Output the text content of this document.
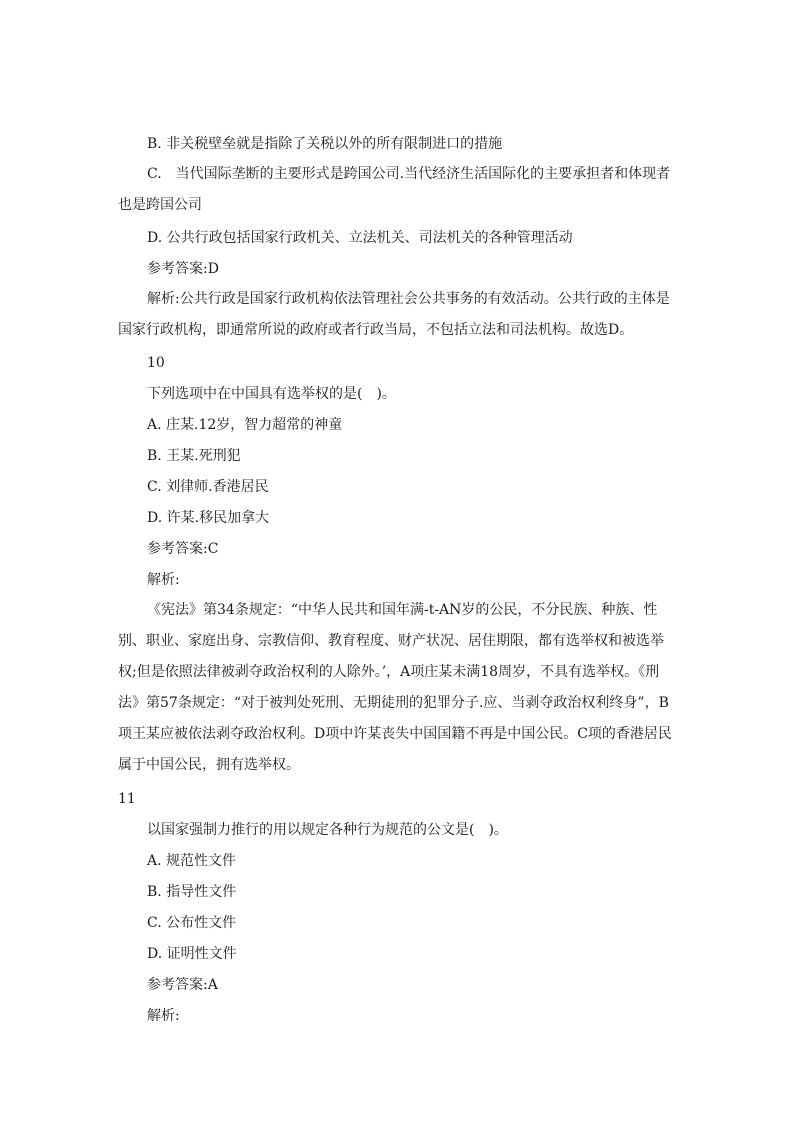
B. 非关税壁垒就是指除了关税以外的所有限制进口的措施
C.　当代国际垄断的主要形式是跨国公司.当代经济生活国际化的主要承担者和体现者也是跨国公司
D. 公共行政包括国家行政机关、立法机关、司法机关的各种管理活动
参考答案:D
解析:公共行政是国家行政机构依法管理社会公共事务的有效活动。公共行政的主体是国家行政机构，即通常所说的政府或者行政当局，不包括立法和司法机构。故选D。
10
下列选项中在中国具有选举权的是(　)。
A. 庄某.12岁，智力超常的神童
B. 王某.死刑犯
C. 刘律师.香港居民
D. 许某.移民加拿大
参考答案:C
解析:
《宪法》第34条规定：“中华人民共和国年满-t-AN岁的公民，不分民族、种族、性别、职业、家庭出身、宗教信仰、教育程度、财产状况、居住期限，都有选举权和被选举权;但是依照法律被剥夺政治权利的人除外。’，A项庄某未满18周岁，不具有选举权。《刑法》第57条规定：“对于被判处死刑、无期徒刑的犯罪分子.应、当剥夺政治权利终身”，B项王某应被依法剥夺政治权利。D项中许某丧失中国国籍不再是中国公民。C项的香港居民属于中国公民，拥有选举权。
11
以国家强制力推行的用以规定各种行为规范的公文是(　)。
A. 规范性文件
B. 指导性文件
C. 公布性文件
D. 证明性文件
参考答案:A
解析:
